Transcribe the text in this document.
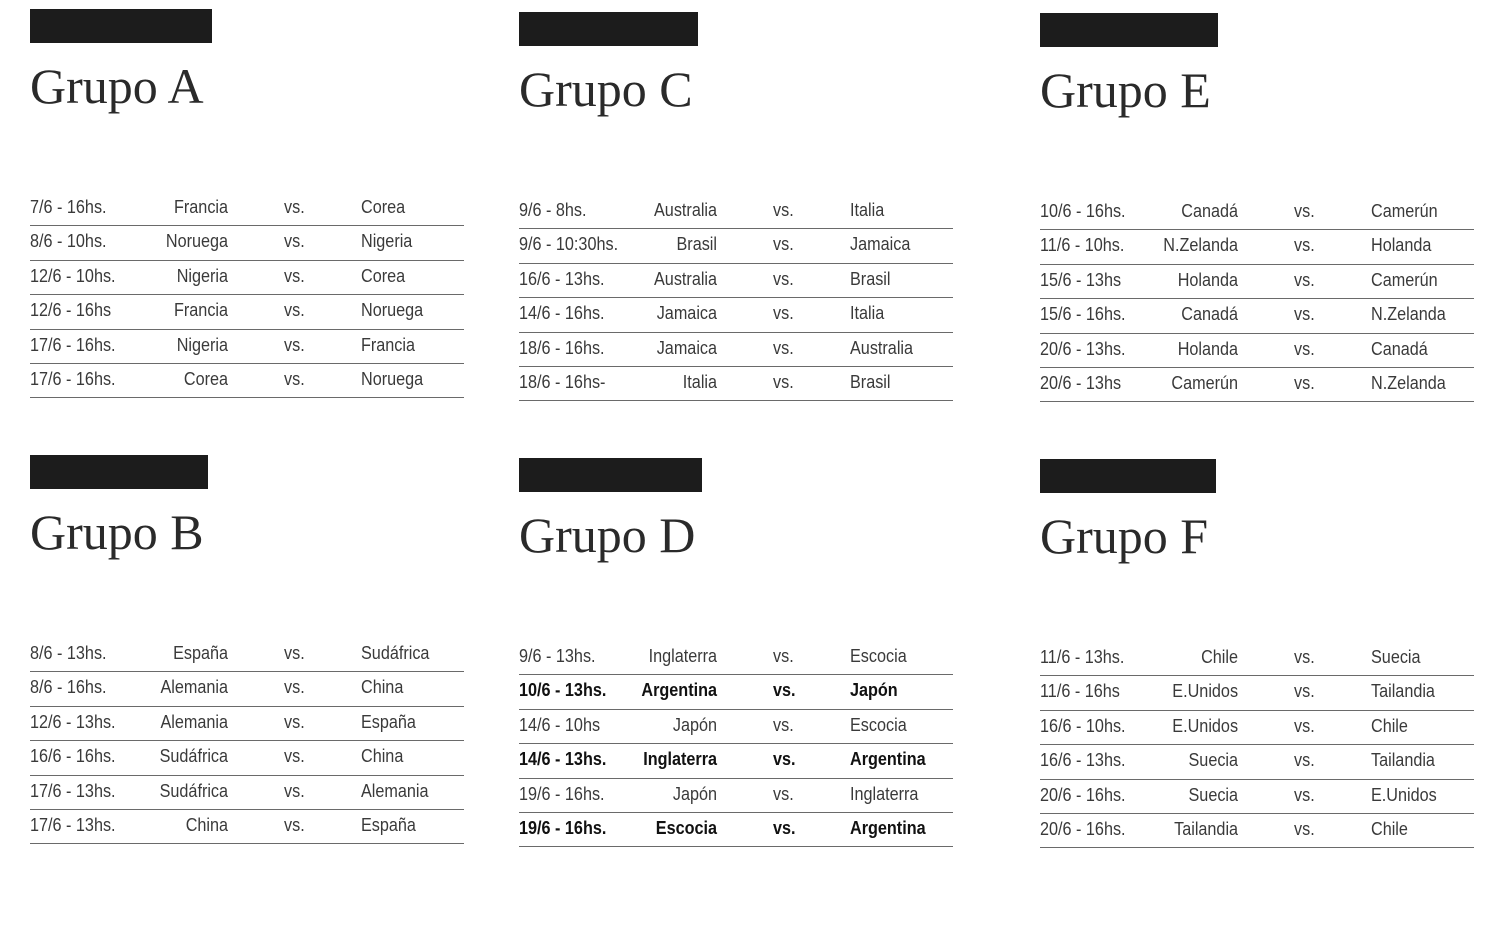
Grupo A
7/6 - 16hs.	Francia	vs.	Corea
8/6 - 10hs.	Noruega	vs.	Nigeria
12/6 - 10hs.	Nigeria	vs.	Corea
12/6 - 16hs	Francia	vs.	Noruega
17/6 - 16hs.	Nigeria	vs.	Francia
17/6 - 16hs.	Corea	vs.	Noruega
Grupo B
8/6 - 13hs.	España	vs.	Sudáfrica
8/6 - 16hs.	Alemania	vs.	China
12/6 - 13hs. Alemania	vs.	España
16/6 - 16hs. Sudáfrica	vs.	China
17/6 - 13hs. Sudáfrica	vs.	Alemania
17/6 - 13hs.	China	vs.	España
Grupo C
9/6 - 8hs.	Australia	vs.	Italia
9/6 - 10:30hs.	Brasil	vs.	Jamaica
16/6 - 13hs.	Australia	vs.	Brasil
14/6 - 16hs.	Jamaica	vs.	Italia
18/6 - 16hs.	Jamaica	vs.	Australia
18/6 - 16hs-	Italia	vs.	Brasil
Grupo D
9/6 - 13hs.	Inglaterra	vs.	Escocia
10/6 - 13hs. Argentina	vs.	Japón
14/6 - 10hs	Japón	vs.	Escocia
14/6 - 13hs. Inglaterra	vs.	Argentina
19/6 - 16hs.	Japón	vs.	Inglaterra
19/6 - 16hs.	Escocia	vs.	Argentina
Grupo E
10/6 - 16hs.	Canadá	vs.	Camerún
11/6 - 10hs. N.Zelanda	vs.	Holanda
15/6 - 13hs	Holanda	vs.	Camerún
15/6 - 16hs.	Canadá	vs.	N.Zelanda
20/6 - 13hs.	Holanda	vs.	Canadá
20/6 - 13hs	Camerún	vs.	N.Zelanda
Grupo F
11/6 - 13hs.	Chile	vs.	Suecia
11/6 - 16hs	E.Unidos	vs.	Tailandia
16/6 - 10hs.	E.Unidos	vs.	Chile
16/6 - 13hs.	Suecia	vs.	Tailandia
20/6 - 16hs.	Suecia	vs.	E.Unidos
20/6 - 16hs.	Tailandia	vs.	Chile
